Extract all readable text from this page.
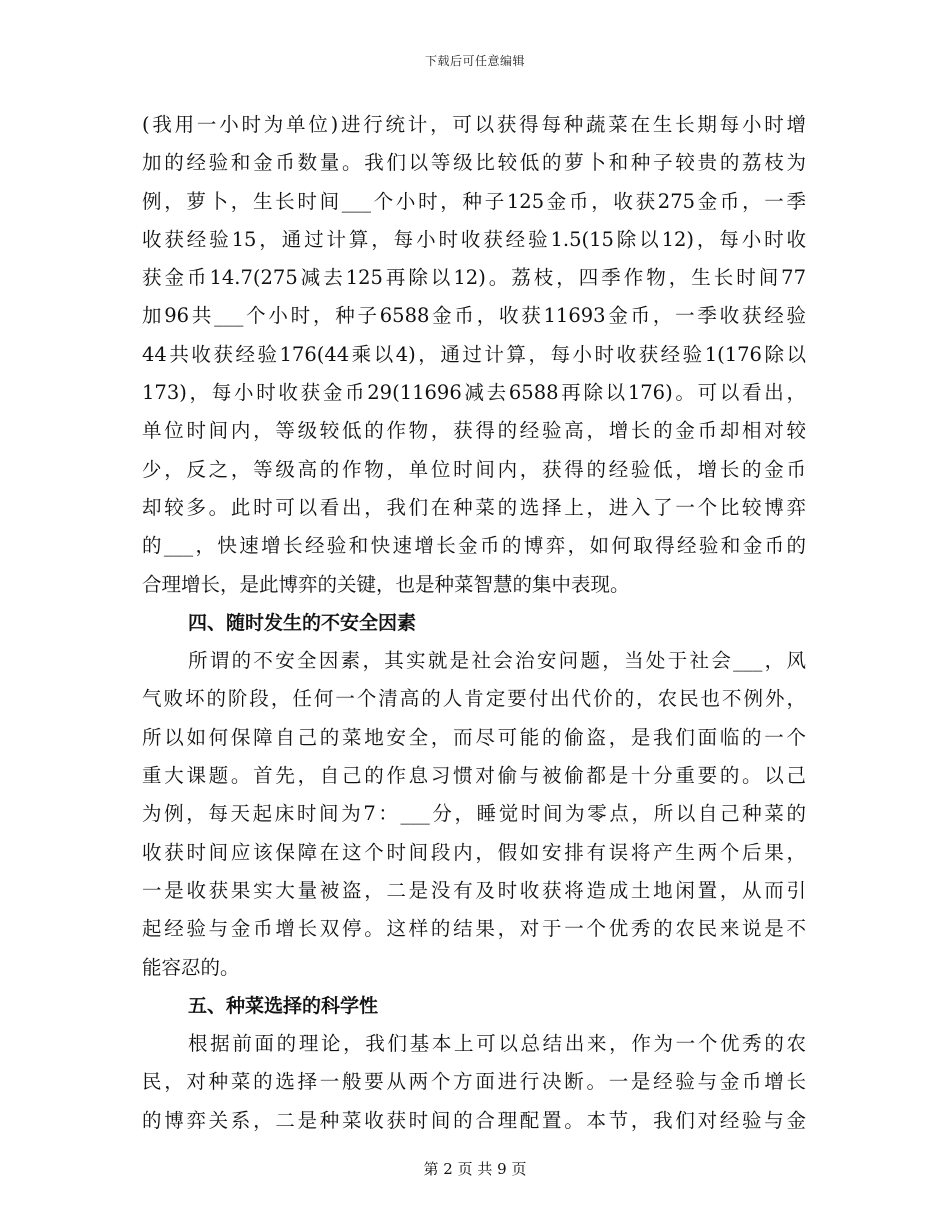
下载后可任意编辑
(我用一小时为单位)进行统计，可以获得每种蔬菜在生长期每小时增
加的经验和金币数量。我们以等级比较低的萝卜和种子较贵的荔枝为
例，萝卜，生长时间___个小时，种子125金币，收获275金币，一季
收获经验15，通过计算，每小时收获经验1.5(15除以12)，每小时收
获金币14.7(275减去125再除以12)。荔枝，四季作物，生长时间77
加96共___个小时，种子6588金币，收获11693金币，一季收获经验
44共收获经验176(44乘以4)，通过计算，每小时收获经验1(176除以
173)，每小时收获金币29(11696减去6588再除以176)。可以看出，
单位时间内，等级较低的作物，获得的经验高，增长的金币却相对较
少，反之，等级高的作物，单位时间内，获得的经验低，增长的金币
却较多。此时可以看出，我们在种菜的选择上，进入了一个比较博弈
的___，快速增长经验和快速增长金币的博弈，如何取得经验和金币的
合理增长，是此博弈的关键，也是种菜智慧的集中表现。
四、随时发生的不安全因素
所谓的不安全因素，其实就是社会治安问题，当处于社会___，风
气败坏的阶段，任何一个清高的人肯定要付出代价的，农民也不例外，
所以如何保障自己的菜地安全，而尽可能的偷盗，是我们面临的一个
重大课题。首先，自己的作息习惯对偷与被偷都是十分重要的。以己
为例，每天起床时间为7：___分，睡觉时间为零点，所以自己种菜的
收获时间应该保障在这个时间段内，假如安排有误将产生两个后果，
一是收获果实大量被盗，二是没有及时收获将造成土地闲置，从而引
起经验与金币增长双停。这样的结果，对于一个优秀的农民来说是不
能容忍的。
五、种菜选择的科学性
根据前面的理论，我们基本上可以总结出来，作为一个优秀的农
民，对种菜的选择一般要从两个方面进行决断。一是经验与金币增长
的博弈关系，二是种菜收获时间的合理配置。本节，我们对经验与金
第 2 页 共 9 页
